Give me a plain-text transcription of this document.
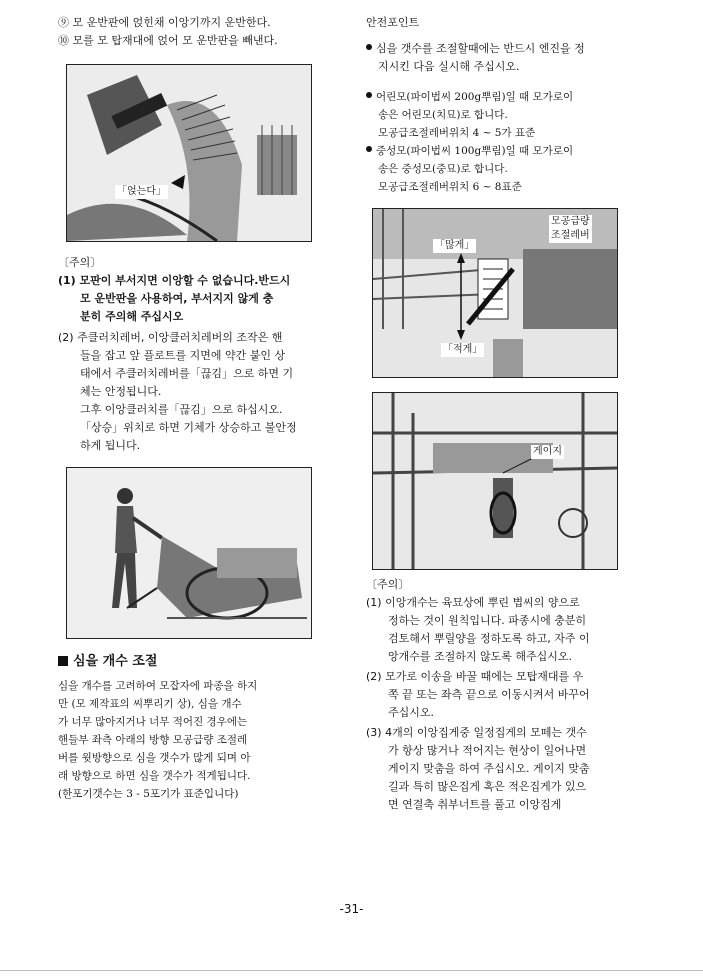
⑨ 모 운반판에 얹힌채 이앙기까지 운반한다.
⑩ 모를 모 탑재대에 얹어 모 운반판을 빼낸다.
「얹는다」
〔주의〕
(1) 모판이 부서지면 이앙할 수 없습니다.반드시
모 운반판을 사용하여, 부서지지 않게 충
분히 주의해 주십시오
(2) 주클러치레버, 이앙클러치레버의 조작은 핸
들을 잡고 앞 플로트를 지면에 약간 붙인 상
태에서 주클러치레버를「끊김」으로 하면 기
체는 안정됩니다.
그후 이앙클러치를「끊김」으로 하십시오.
「상승」위치로 하면 기체가 상승하고 불안정
하게 됩니다.
심을 개수 조절
심을 개수를 고려하여 모잡자에 파종을 하지
만 (모 제작표의 씨뿌리기 상), 심을 개수
가 너무 많아지거나 너무 적어진 경우에는
핸들부 좌측 아래의 방향 모공급량 조절레
버를 윗방향으로 심을 갯수가 많게 되며 아
래 방향으로 하면 심을 갯수가 적게됩니다.
(한포기갯수는 3 - 5포기가 표준입니다)
안전포인트
심을 갯수를 조절할때에는 반드시 엔진을 정
지시킨 다음 실시해 주십시오.
어린모(파이법씨 200g뿌림)일 때 모가로이
송은 어린모(치묘)로 합니다.
모공급조절레버위치 4 ~ 5가 표준
중성모(파이법씨 100g뿌림)일 때 모가로이
송은 중성모(중묘)로 합니다.
모공급조절레버위치 6 ~ 8표준
모공급량
조절레버
「많게」
「적게」
게이지
〔주의〕
(1) 이앙개수는 육묘상에 뿌린 볍씨의 양으로
정하는 것이 원칙입니다. 파종시에 충분히
검토해서 뿌릴양을 정하도록 하고, 자주 이
앙개수를 조절하지 않도록 해주십시오.
(2) 모가로 이송을 바꿀 때에는 모탑재대를 우
쪽 끝 또는 좌측 끝으로 이동시켜서 바꾸어
주십시오.
(3) 4개의 이앙집게중 일정집게의 모떼는 갯수
가 항상 많거나 적어지는 현상이 일어나면
게이지 맞춤을 하여 주십시오. 게이지 맞춤
길과 특히 많은집게 혹은 적은집게가 있으
면 연결축 취부너트를 풀고 이앙집게
-31-
